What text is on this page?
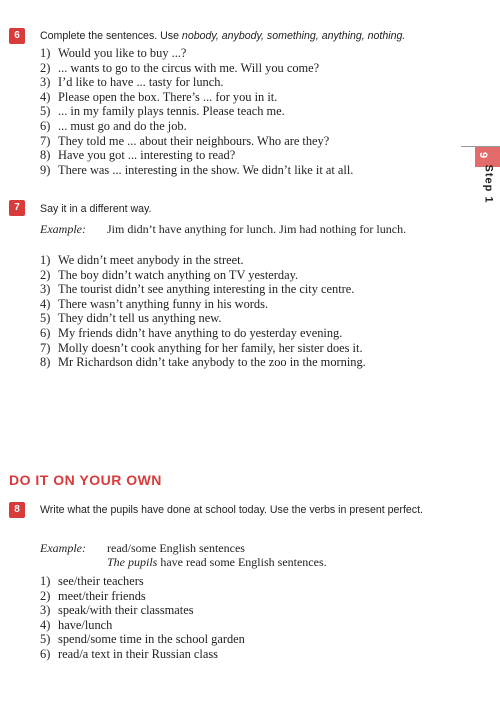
6	Complete the sentences. Use nobody, anybody, something, anything, nothing.
1) Would you like to buy ...?
2) ... wants to go to the circus with me. Will you come?
3) I’d like to have ... tasty for lunch.
4) Please open the box. There’s ... for you in it.
5) ... in my family plays tennis. Please teach me.
6) ... must go and do the job.
7) They told me ... about their neighbours. Who are they?
8) Have you got ... interesting to read?
9) There was ... interesting in the show. We didn’t like it at all.
9
Step 1
7	Say it in a different way.
Example:	Jim didn’t have anything for lunch. Jim had nothing for lunch.
1) We didn’t meet anybody in the street.
2) The boy didn’t watch anything on TV yesterday.
3) The tourist didn’t see anything interesting in the city centre.
4) There wasn’t anything funny in his words.
5) They didn’t tell us anything new.
6) My friends didn’t have anything to do yesterday evening.
7) Molly doesn’t cook anything for her family, her sister does it.
8) Mr Richardson didn’t take anybody to the zoo in the morning.
DO IT ON YOUR OWN
8	Write what the pupils have done at school today. Use the verbs in present perfect.
Example: read/some English sentences
The pupils have read some English sentences.
1) see/their teachers
2) meet/their friends
3) speak/with their classmates
4) have/lunch
5) spend/some time in the school garden
6) read/a text in their Russian class
